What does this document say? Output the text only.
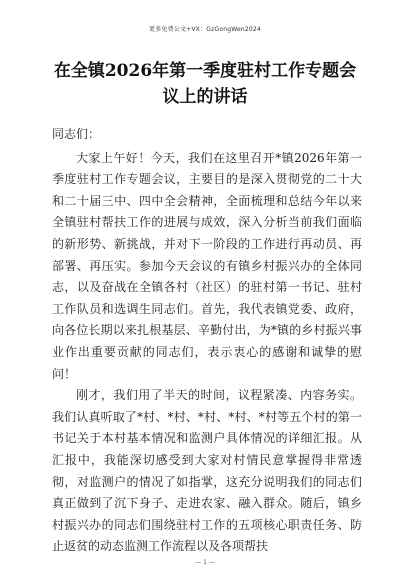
更多免费公文+VX：GzGongWen2024
在全镇2026年第一季度驻村工作专题会议上的讲话

同志们：

大家上午好！今天，我们在这里召开*镇2026年第一季度驻村工作专题会议，主要目的是深入贯彻党的二十大和二十届三中、四中全会精神，全面梳理和总结今年以来全镇驻村帮扶工作的进展与成效，深入分析当前我们面临的新形势、新挑战，并对下一阶段的工作进行再动员、再部署、再压实。参加今天会议的有镇乡村振兴办的全体同志，以及奋战在全镇各村（社区）的驻村第一书记、驻村工作队员和选调生同志们。首先，我代表镇党委、政府，向各位长期以来扎根基层、辛勤付出，为*镇的乡村振兴事业作出重要贡献的同志们，表示衷心的感谢和诚挚的慰问！

刚才，我们用了半天的时间，议程紧凑、内容务实。我们认真听取了*村、*村、*村、*村、*村等五个村的第一书记关于本村基本情况和监测户具体情况的详细汇报。从汇报中，我能深切感受到大家对村情民意掌握得非常透彻，对监测户的情况了如指掌，这充分说明我们的同志们真正做到了沉下身子、走进农家、融入群众。随后，镇乡村振兴办的同志们围绕驻村工作的五项核心职责任务、防止返贫的动态监测工作流程以及各项帮扶

— 1 —
